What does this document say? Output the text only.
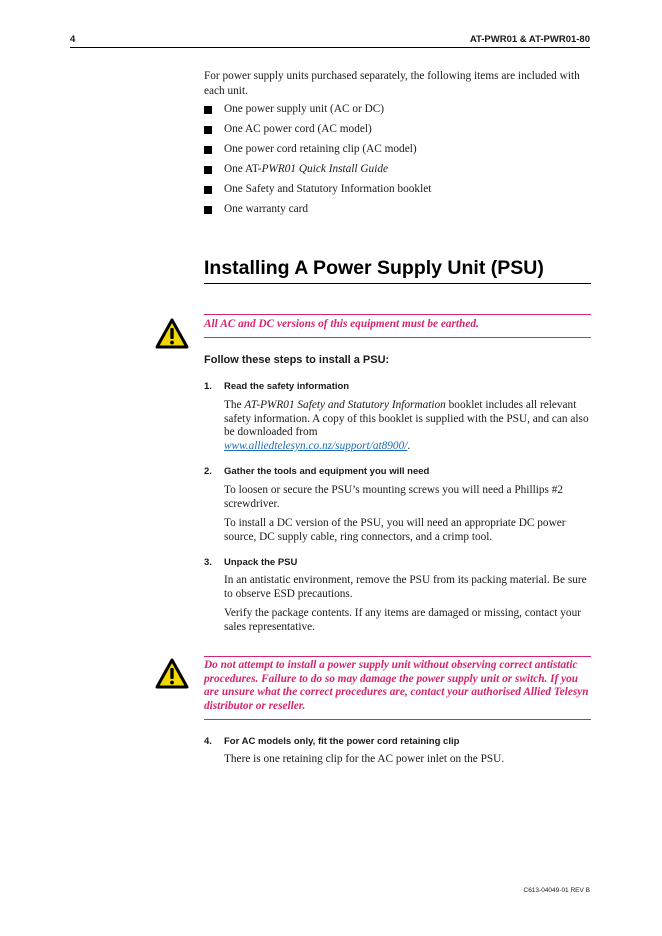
4	AT-PWR01 & AT-PWR01-80

For power supply units purchased separately, the following items are included with each unit.

One power supply unit (AC or DC)
One AC power cord (AC model)
One power cord retaining clip (AC model)
One AT-PWR01 Quick Install Guide
One Safety and Statutory Information booklet
One warranty card
Installing A Power Supply Unit (PSU)
All AC and DC versions of this equipment must be earthed.
Follow these steps to install a PSU:
1. Read the safety information

The AT-PWR01 Safety and Statutory Information booklet includes all relevant safety information. A copy of this booklet is supplied with the PSU, and can also be downloaded from
www.alliedtelesyn.co.nz/support/at8900/.

2. Gather the tools and equipment you will need

To loosen or secure the PSU’s mounting screws you will need a Phillips #2 screwdriver.

To install a DC version of the PSU, you will need an appropriate DC power source, DC supply cable, ring connectors, and a crimp tool.

3. Unpack the PSU

In an antistatic environment, remove the PSU from its packing material. Be sure to observe ESD precautions.

Verify the package contents. If any items are damaged or missing, contact your sales representative.

Do not attempt to install a power supply unit without observing correct antistatic procedures. Failure to do so may damage the power supply unit or switch. If you are unsure what the correct procedures are, contact your authorised Allied Telesyn distributor or reseller.
4. For AC models only, fit the power cord retaining clip

There is one retaining clip for the AC power inlet on the PSU.

C613-04049-01 REV B
